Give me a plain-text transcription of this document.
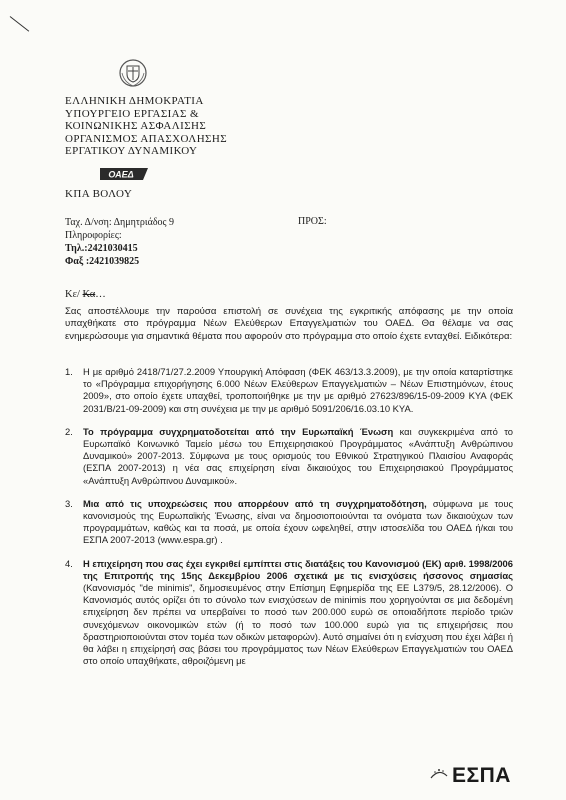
ΕΛΛΗΝΙΚΗ ΔΗΜΟΚΡΑΤΙΑ
ΥΠΟΥΡΓΕΙΟ ΕΡΓΑΣΙΑΣ &
ΚΟΙΝΩΝΙΚΗΣ ΑΣΦΑΛΙΣΗΣ
ΟΡΓΑΝΙΣΜΟΣ ΑΠΑΣΧΟΛΗΣΗΣ
ΕΡΓΑΤΙΚΟΥ ΔΥΝΑΜΙΚΟΥ
ΟΑΕΔ
ΚΠΑ ΒΟΛΟΥ
Ταχ. Δ/νση: Δημητριάδος 9
Πληροφορίες:
Τηλ.:2421030415
Φαξ :2421039825
ΠΡΟΣ:
Κε/ Κα…
Σας αποστέλλουμε την παρούσα επιστολή σε συνέχεια της εγκριτικής απόφασης με την οποία υπαχθήκατε στο πρόγραμμα Νέων Ελεύθερων Επαγγελματιών του ΟΑΕΔ. Θα θέλαμε να σας ενημερώσουμε για σημαντικά θέματα που αφορούν στο πρόγραμμα στο οποίο έχετε ενταχθεί. Ειδικότερα:
1.	Η με αριθμό 2418/71/27.2.2009 Υπουργική Απόφαση (ΦΕΚ 463/13.3.2009), με την οποία καταρτίστηκε το «Πρόγραμμα επιχορήγησης 6.000 Νέων Ελεύθερων Επαγγελματιών – Νέων Επιστημόνων, έτους 2009», στο οποίο έχετε υπαχθεί, τροποποιήθηκε με την με αριθμό 27623/896/15-09-2009 ΚΥΑ (ΦΕΚ 2031/Β/21-09-2009) και στη συνέχεια με την με αριθμό 5091/206/16.03.10 ΚΥΑ.
2.	Το πρόγραμμα συγχρηματοδοτείται από την Ευρωπαϊκή Ένωση και συγκεκριμένα από το Ευρωπαϊκό Κοινωνικό Ταμείο μέσω του Επιχειρησιακού Προγράμματος «Ανάπτυξη Ανθρώπινου Δυναμικού» 2007-2013. Σύμφωνα με τους ορισμούς του Εθνικού Στρατηγικού Πλαισίου Αναφοράς (ΕΣΠΑ 2007-2013) η νέα σας επιχείρηση είναι δικαιούχος του Επιχειρησιακού Προγράμματος «Ανάπτυξη Ανθρώπινου Δυναμικού».
3.	Μια από τις υποχρεώσεις που απορρέουν από τη συγχρηματοδότηση, σύμφωνα με τους κανονισμούς της Ευρωπαϊκής Ένωσης, είναι να δημοσιοποιούνται τα ονόματα των δικαιούχων των προγραμμάτων, καθώς και τα ποσά, με οποία έχουν ωφεληθεί, στην ιστοσελίδα του ΟΑΕΔ ή/και του ΕΣΠΑ 2007-2013 (www.espa.gr) .
4.	Η επιχείρηση που σας έχει εγκριθεί εμπίπτει στις διατάξεις του Κανονισμού (ΕΚ) αριθ. 1998/2006 της Επιτροπής της 15ης Δεκεμβρίου 2006 σχετικά με τις ενισχύσεις ήσσονος σημασίας (Κανονισμός "de minimis", δημοσιευμένος στην Επίσημη Εφημερίδα της ΕΕ L379/5, 28.12/2006). Ο Κανονισμός αυτός ορίζει ότι το σύνολο των ενισχύσεων de minimis που χορηγούνται σε μια δεδομένη επιχείρηση δεν πρέπει να υπερβαίνει το ποσό των 200.000 ευρώ σε οποιαδήποτε περίοδο τριών συνεχόμενων οικονομικών ετών (ή το ποσό των 100.000 ευρώ για τις επιχειρήσεις που δραστηριοποιούνται στον τομέα των οδικών μεταφορών). Αυτό σημαίνει ότι η ενίσχυση που έχει λάβει ή θα λάβει η επιχείρησή σας βάσει του προγράμματος των Νέων Ελεύθερων Επαγγελματιών του ΟΑΕΔ στο οποίο υπαχθήκατε, αθροιζόμενη με
ΕΣΠΑ
